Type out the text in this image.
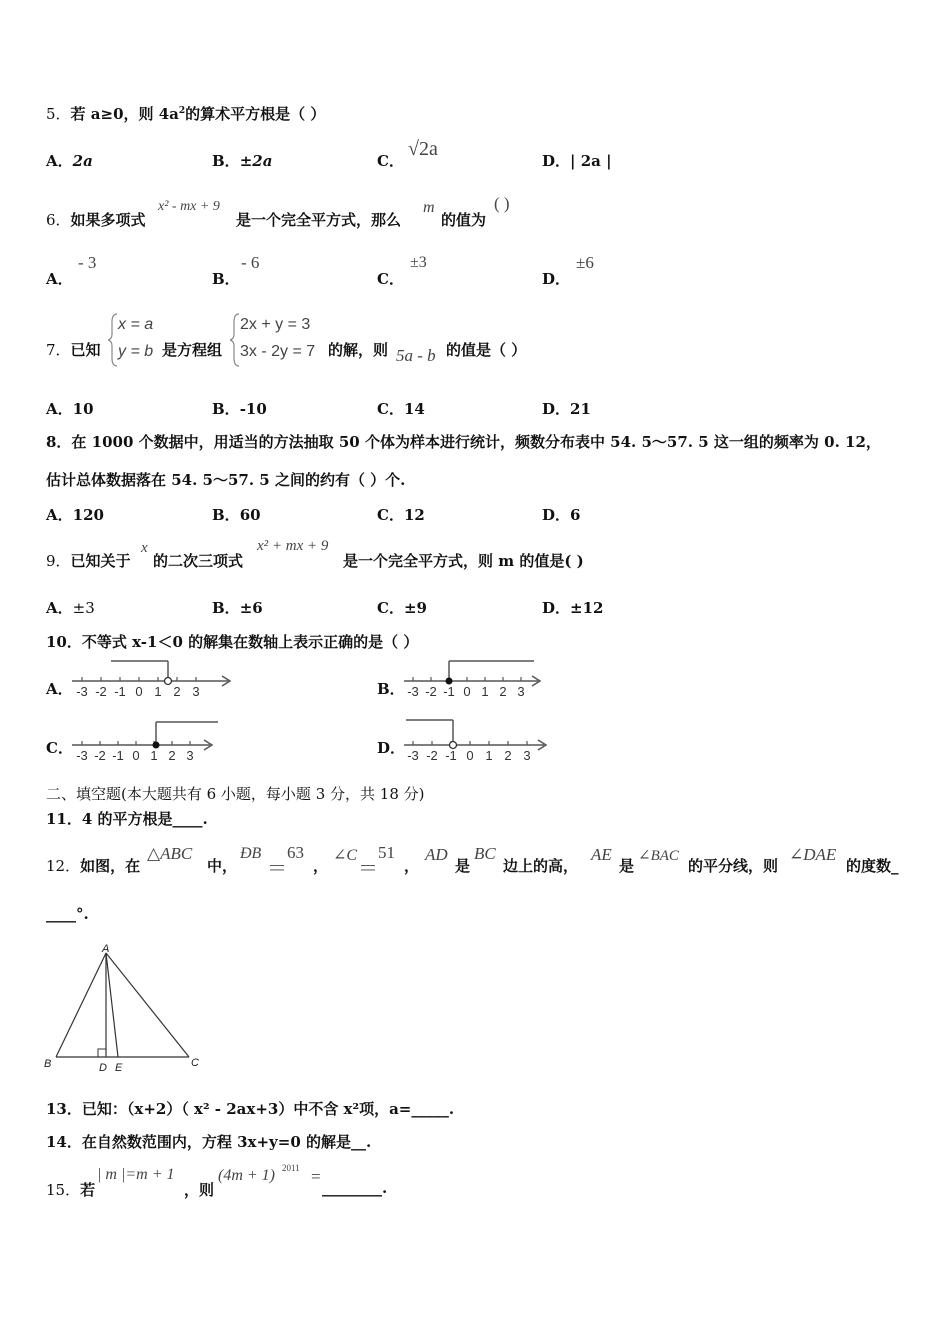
5．若 a≥0，则 $4a^2$的算术平方根是（ ）
A．2a	B．±2a	C．
√2a
D．| 2a |
6．如果多项式
x² - mx + 9
是一个完全平方式，那么
m
的值为
( )
A．
- 3
B．
- 6
C．
±3
D．
±6
7．已知
x = a
y = b 是方程组
2x + y = 3
3x - 2y = 7 的解，则 5a - b 的值是（ ）
A．10	B．-10	C．14	D．21
8．在 1000 个数据中，用适当的方法抽取 50 个体为样本进行统计，频数分布表中 54. 5～57. 5 这一组的频率为 0. 12，
估计总体数据落在 54. 5～57. 5 之间的约有（ ）个.
A．120	B．60	C．12	D．6
9．已知关于
x
的二次三项式
x² + mx + 9
是一个完全平方式，则 m 的值是( )
A．±3	B．±6	C．±9	D．±12
10．不等式 x-1＜0 的解集在数轴上表示正确的是（ ）
A． -3 -2 -1 0 1 2 3	B． -3 -2 -1 0 1 2 3
C． -3 -2 -1 0 1 2 3	D． -3 -2 -1 0 1 2 3
二、填空题(本大题共有 6 小题，每小题 3 分，共 18 分)
11．4 的平方根是____.
12．如图，在
△ABC
中，
ÐB
＝
63
，
∠C
＝
51
，
AD
是
BC
边上的高，
AE
是
∠BAC
的平分线，则
∠DAE
的度数_
____°.
A
B	C
D E
13．已知：（x+2）（ x² - 2ax+3）中不含 x²项，a=_____.
14．在自然数范围内，方程 3x+y=0 的解是__.
15．若
| m |=m + 1
，则
(4m + 1) 2011 =
________.
